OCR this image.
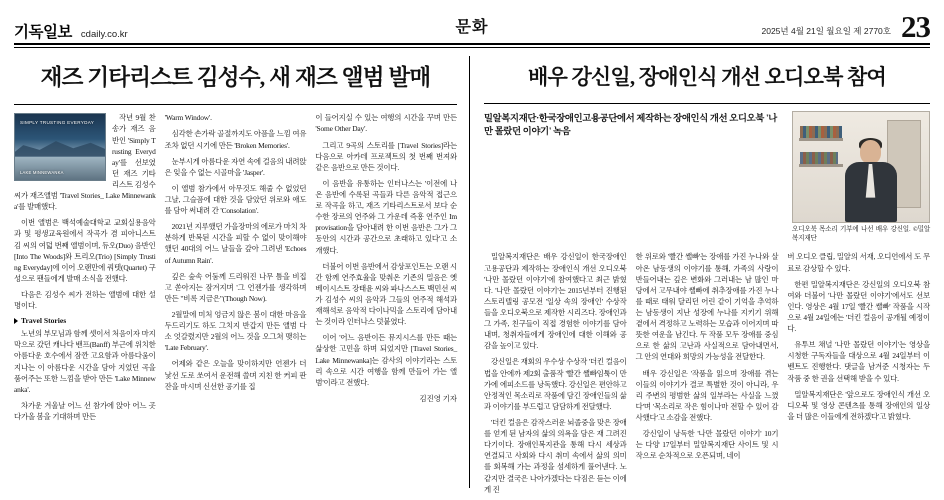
기독일보 cdaily.co.kr	문화	2025년 4월 21일 월요일 제 2770호 23
재즈 기타리스트 김성수, 새 재즈 앨범 발매
SIMPLY TRUSTING EVERYDAY
LAKE MINNEWANKA

작년 9월 찬송가 재즈 음반인 'Simply Trusting Everyday'를 선보였던 재즈 기타리스트 김성수 씨가 재즈앨범 'Travel Stories_ Lake Minnewanka'를 발매했다.

이번 앨범은 백석예술대학교 교회실용음악과 및 평생교육원에서 작곡가 겸 피아니스트 김 씨의 여덟 번째 앨범이며, 듀오(Duo) 음반인 [Into The Woods]와 트리오(Trio) [Simply Trusting Everyday]에 이어 오랜만에 쿼텟(Quartet) 구성으로 팬들에게 발매 소식을 전했다.

다음은 김성수 씨가 전하는 앨범에 대한 설명이다.

Travel Stories

노년의 부모님과 함께 셋이서 처음이자 마지막으로 갔던 캐나다 밴프(Banff) 부근에 위치한 아름다운 호수에서 잠깐 고요함과 아름다움이 지나는 이 아름다운 시간을 담아 지었던 곡을 품어주는 또한 느낌을 받아 만든 'Lake Minnewanka'.

차가운 겨울날 어느 선 참가에 앉아 어느 곳 다가올 봄을 기대하며 만든

'Warm Window'.

심각한 손가락 골절까지도 아픔을 느낌 여유조차 없던 시기에 만든 'Broken Memories'.

눈부시게 아름다운 자연 속에 걸음의 내려앉은 잊을 수 없는 시골마을 'Jasper'.

이 앨범 참가에서 아무것도 해줄 수 없었던 그날, 그슬픔에 대한 것을 담았던 위로와 애도를 담아 써내려 간 'Consolation'.

2021년 지루했던 가을장마의 에로가 마치 차분하게 반복된 시간을 피할 수 없이 맞이해야 했던 40대의 어느 날들을 갚아 그려낸 'Echoes of Autumn Rain'.

깊은 숲속 어둠께 드리워진 나무 틈을 비집고 쏟아지는 잠겨지며 '그 언젠가를 생각하며 만든 "비록 지금은"(Though Now).

2월말에 미처 엉금지 않은 봄이 대한 마음을 두드리기도 하도 그치지 반갑지 만든 앨범 다소 엇갈렸지만 2월의 어느 것을 오그쳐 맺히는 'Late February'.

어제와 같은 오늘을 맞이하지만 언젠가 더 낯선 도로 쏘여서 운전해 쓸며 지친 한 커피 판잔을 마시며 신선한 공기를 집

이 들어지실 수 있는 여행의 시간을 꾸며 만든 'Some Other Day'.

그리고 9곡의 스토리를 [Travel Stories]라는 다음으로 아카데 프로젝트의 첫 번째 번져와 같은 음반으로 만든 것이다.

이 음반을 유통하는 인터나스는 '이전에 나온 음반에 수록된 곡들과 다른 음악적 접근으로 작곡을 하고, 재즈 기타리스트로서 보다 순수한 장르의 연주와 그 가운데 즉흥 연주인 Improvisation을 담아내려 한 이번 음반은 그가 그동안의 시간과 공간으로 초래하고 있다'고 소개했다.

더불어 이번 음반에서 감상포인트는 오랜 시간 함께 연주효율을 맞춰온 기존의 밀음은 옛 베이시스트 장태윤 씨와 파나스스트 백민선 씨가 김성수 씨의 음악과 그들의 연주적 해석과 재해석로 음악적 다이나믹을 스토리에 담아내는 것이라 인터나스 덧붙였다.

이어 '어느 음반이든 뮤지시스를 만든 때는 삶상한 고민을 하며 되었지만 [Travel Stories_ Lake Minnewanka]는 감사의 이야기라는 스토리 속으로 시간 여행을 함께 만들어 가는 앨범'이라고 전했다.

김진영 기자
배우 강신일, 장애인식 개선 오디오북 참여
밀알복지재단·한국장애인고용공단에서 제작하는 장애인식 개선 오디오북 '나만 몰랐던 이야기' 녹음
오디오북 목소리 기부에 나선 배우 강신일. ©밀알복지재단

밀알복지재단은 배우 강신일이 한국장애인고용공단과 제작하는 장애인식 개선 오디오북 '나만 몰랐던 이야기'에 참여했다고 최근 밝혔다. '나만 몰랐던 이야기'는 2015년부터 진행된 스토리텔링 공모전 '일상 속의 장애인' 수상작들을 오디오북으로 제작한 시리즈다. 장애인과 그 가족, 친구들이 직접 경험한 이야기를 담아내며, 청취자들에게 장애인에 대한 이해와 공감을 높이고 있다.

강신일은 재회의 우수상 수상작 '더킨 컬음이법을 안에까 제2회 출품작 '빨간 쌜빠임툭이 만가에 에피소드를 낭독했다. 강신일은 편안하고 안정적인 목소리로 작품에 담긴 장애인들의 삶과 이야기를 부드럽고 담담하게 전달했다.

'더킨 컬음은 감작스러운 뇌졸중을 맞은 장애를 얻게 된 남자의 삶의 의욕을 담은 재 그려진다기이다. 장애인복지관을 통해 다시 세상과 연결되고 사회와 다시 취미 속에서 삶의 의미를 회복해 가는 과정을 섬세하게 풀어낸다. 노같지만 결국은 나아가겠다는 다짐은 듣는 이에게 진

한 위로와 '빨간 쌜빠'는 장애를 가진 누나와 살아온 남동생의 이야기를 통해, 가족의 사랑이 반들어내는 깊은 변화와 그러내는 남 많인 마당에서 고무내야 쌜빠에 취추장애를 가진 누나를 때로 태워 달리던 어린 같이 기억을 추억하는 남동생이 지난 성장에 누나를 지키기 위해 곁에서 격정하고 노력하는 모습과 이어지며 따뜻한 여운을 남긴다. 두 작품 모두 장애를 중심으로 한 삶의 고난과 사실적으로 담아내면서, 그 안의 연대와 희망의 가능성을 전달한다.

배우 강신일은 '작품을 읽으며 장애를 겪는 이들의 이야기가 결코 특별한 것이 아니라, 우리 주변의 평범한 삶의 일부라는 사실을 느꼈다'며 '목소리로 작은 힘이나마 전할 수 있어 감사했다'고 소감을 전했다.

강신일이 낭독한 '나만 몰랐던 이야기' 10기는 다양 17일부터 밀알복지재단 사이트 및 시작으로 순차적으로 오픈되며, 네이

버 오디오 클립, 밀알의 서재, 오디언에서 도 무료로 감상할 수 있다.

한편 밀알복지재단은 강신일의 오디오북 참여와 더불어 '나만 몰랐던 이야기'에서도 선보인다. 영상은 4월 17일 '빨간 쌜빠' 작품을 시작으로 4월 24일에는 '더킨 컬음이 공개될 예정이다.

유투브 채널 '나만 몰랐던 이야기'는 영상을 시청한 구독자들을 대상으로 4월 24일부터 이벤트도 진행한다. 댓글을 남겨준 시청자는 두 작품 중 한 권을 선택해 받을 수 있다.

밀알복지재단은 '앞으로도 장애인식 개선 오디오북 및 영상 콘텐츠를 통해 장애인의 일상을 더 많은 이들에게 전하겠다'고 밝혔다.
